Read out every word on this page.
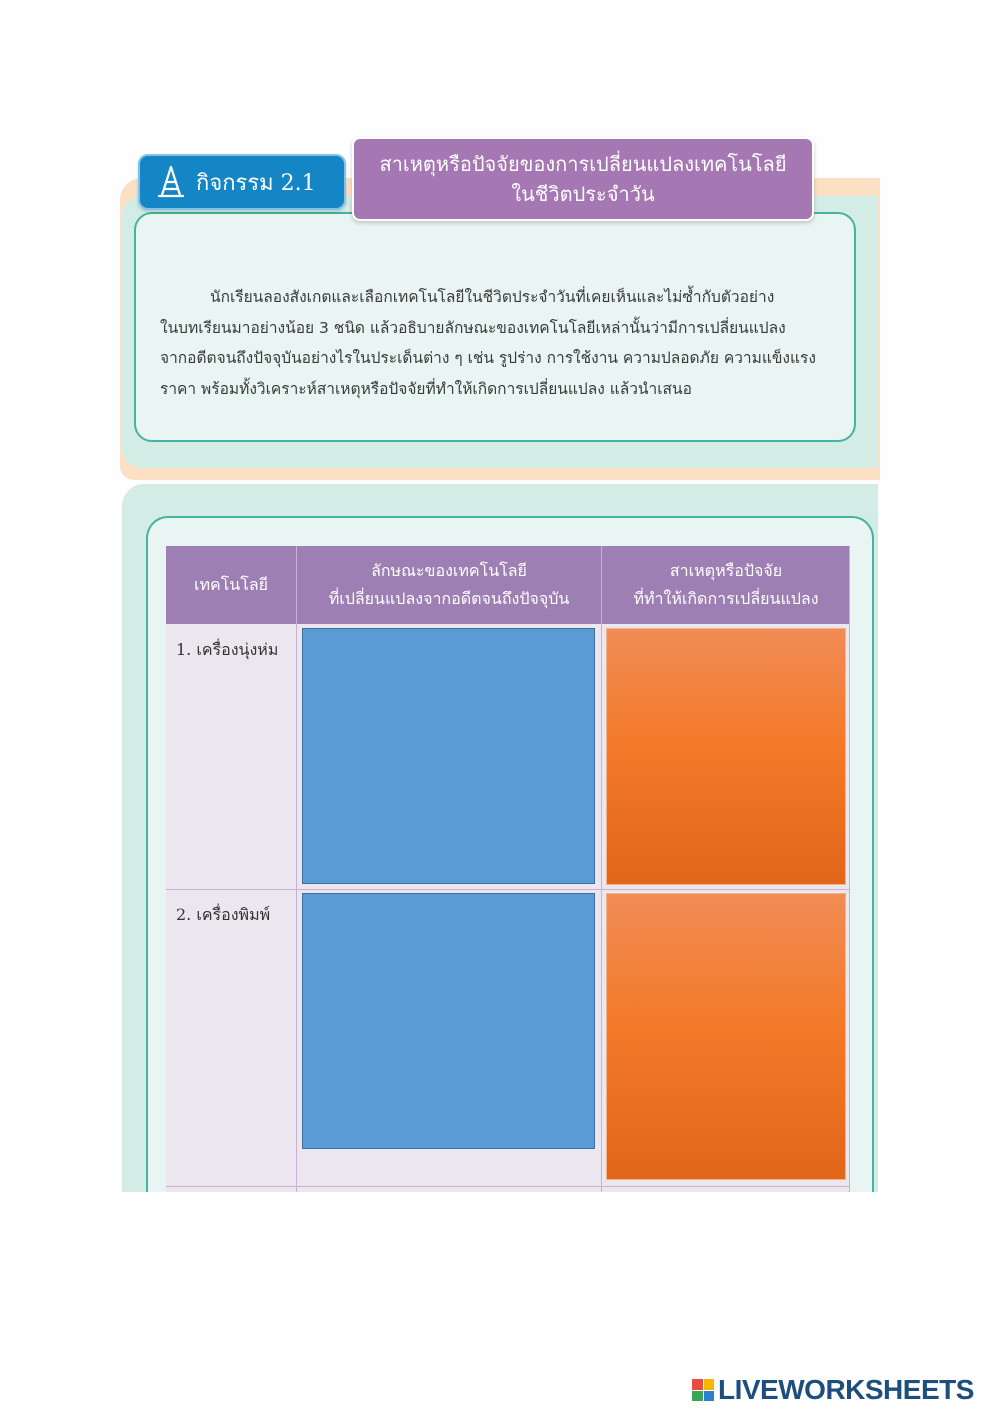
กิจกรรม 2.1
สาเหตุหรือปัจจัยของการเปลี่ยนแปลงเทคโนโลยี
ในชีวิตประจำวัน

นักเรียนลองสังเกตและเลือกเทคโนโลยีในชีวิตประจำวันที่เคยเห็นและไม่ซ้ำกับตัวอย่าง

ในบทเรียนมาอย่างน้อย 3 ชนิด แล้วอธิบายลักษณะของเทคโนโลยีเหล่านั้นว่ามีการเปลี่ยนแปลง

จากอดีตจนถึงปัจจุบันอย่างไรในประเด็นต่าง ๆ เช่น รูปร่าง การใช้งาน ความปลอดภัย ความแข็งแรง

ราคา พร้อมทั้งวิเคราะห์สาเหตุหรือปัจจัยที่ทำให้เกิดการเปลี่ยนแปลง แล้วนำเสนอ

เทคโนโลยี
ลักษณะของเทคโนโลยี
ที่เปลี่ยนแปลงจากอดีตจนถึงปัจจุบัน
สาเหตุหรือปัจจัย
ที่ทำให้เกิดการเปลี่ยนแปลง
1. เครื่องนุ่งห่ม
2. เครื่องพิมพ์
LIVEWORKSHEETS
